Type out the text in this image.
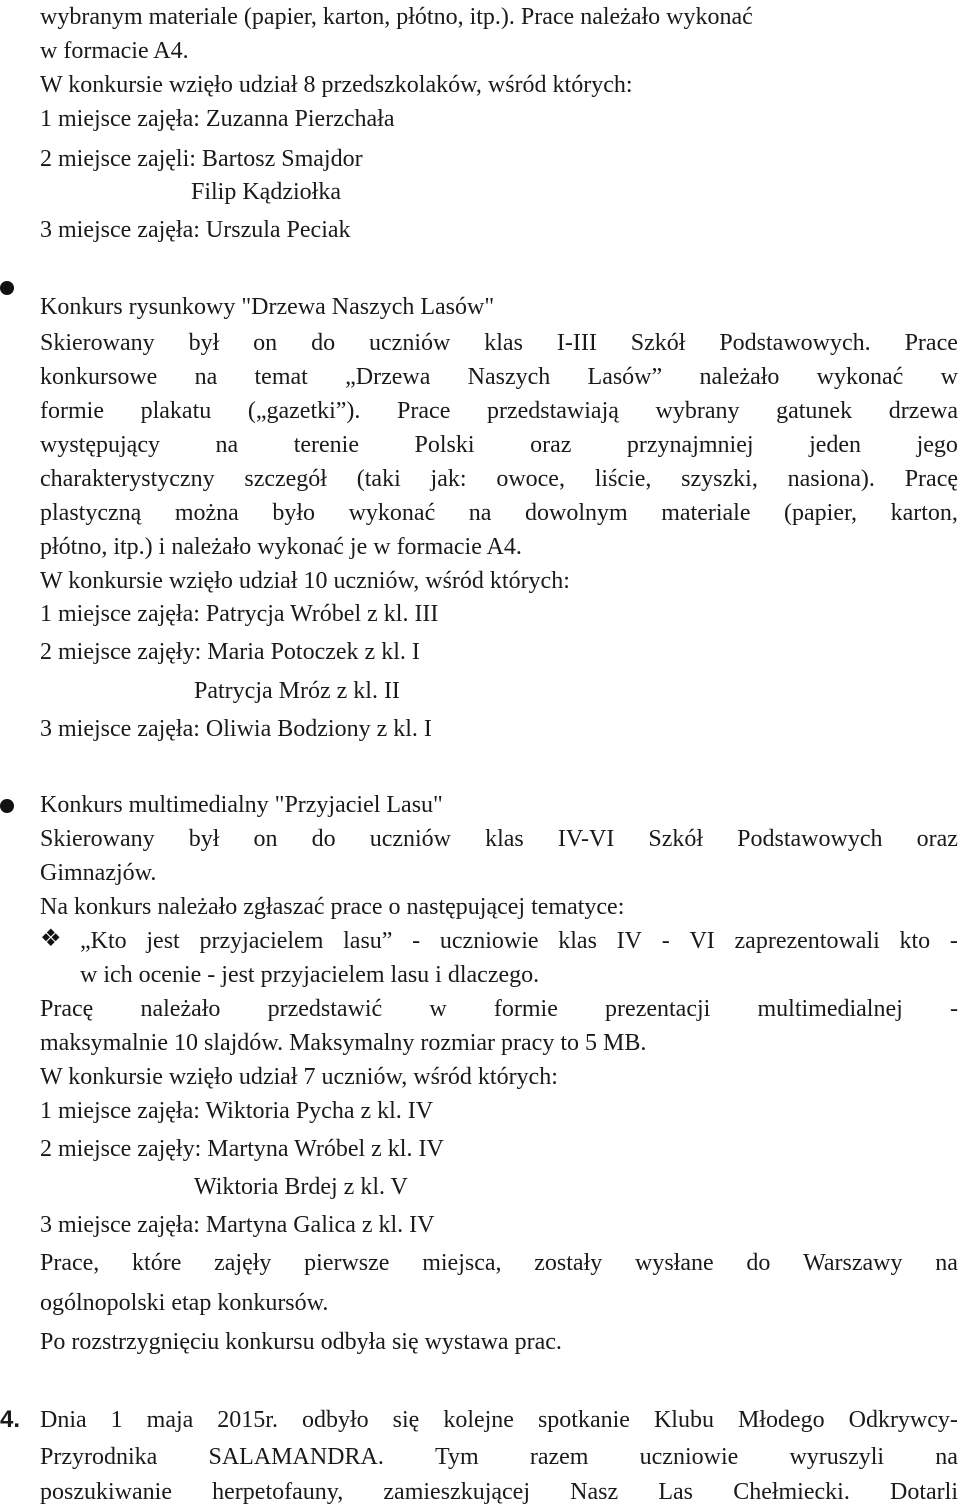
wybranym materiale (papier, karton, płótno, itp.). Prace należało wykonać
w formacie A4.
W konkursie wzięło udział 8 przedszkolaków, wśród których:
1 miejsce zajęła: Zuzanna Pierzchała
2 miejsce zajęli: Bartosz Smajdor
Filip Kądziołka
3 miejsce zajęła: Urszula Peciak
Konkurs rysunkowy "Drzewa Naszych Lasów"
Skierowany był on do uczniów klas I-III Szkół Podstawowych. Prace
konkursowe na temat „Drzewa Naszych Lasów” należało wykonać w
formie plakatu („gazetki”). Prace przedstawiają wybrany gatunek drzewa
występujący na terenie Polski oraz przynajmniej jeden jego
charakterystyczny szczegół (taki jak: owoce, liście, szyszki, nasiona). Pracę
plastyczną można było wykonać na dowolnym materiale (papier, karton,
płótno, itp.) i należało wykonać je w formacie A4.
W konkursie wzięło udział 10 uczniów, wśród których:
1 miejsce zajęła: Patrycja Wróbel z kl. III
2 miejsce zajęły: Maria Potoczek z kl. I
Patrycja Mróz z kl. II
3 miejsce zajęła: Oliwia Bodziony z kl. I
Konkurs multimedialny "Przyjaciel Lasu"
Skierowany był on do uczniów klas IV-VI Szkół Podstawowych oraz
Gimnazjów.
Na konkurs należało zgłaszać prace o następującej tematyce:
❖ „Kto jest przyjacielem lasu” - uczniowie klas IV - VI zaprezentowali kto -
w ich ocenie - jest przyjacielem lasu i dlaczego.
Pracę należało przedstawić w formie prezentacji multimedialnej -
maksymalnie 10 slajdów. Maksymalny rozmiar pracy to 5 MB.
W konkursie wzięło udział 7 uczniów, wśród których:
1 miejsce zajęła: Wiktoria Pycha z kl. IV
2 miejsce zajęły: Martyna Wróbel z kl. IV
Wiktoria Brdej z kl. V
3 miejsce zajęła: Martyna Galica z kl. IV
Prace, które zajęły pierwsze miejsca, zostały wysłane do Warszawy na
ogólnopolski etap konkursów.
Po rozstrzygnięciu konkursu odbyła się wystawa prac.
4. Dnia 1 maja 2015r. odbyło się kolejne spotkanie Klubu Młodego Odkrywcy-
Przyrodnika SALAMANDRA. Tym razem uczniowie wyruszyli na
poszukiwanie herpetofauny, zamieszkującej Nasz Las Chełmiecki. Dotarli
